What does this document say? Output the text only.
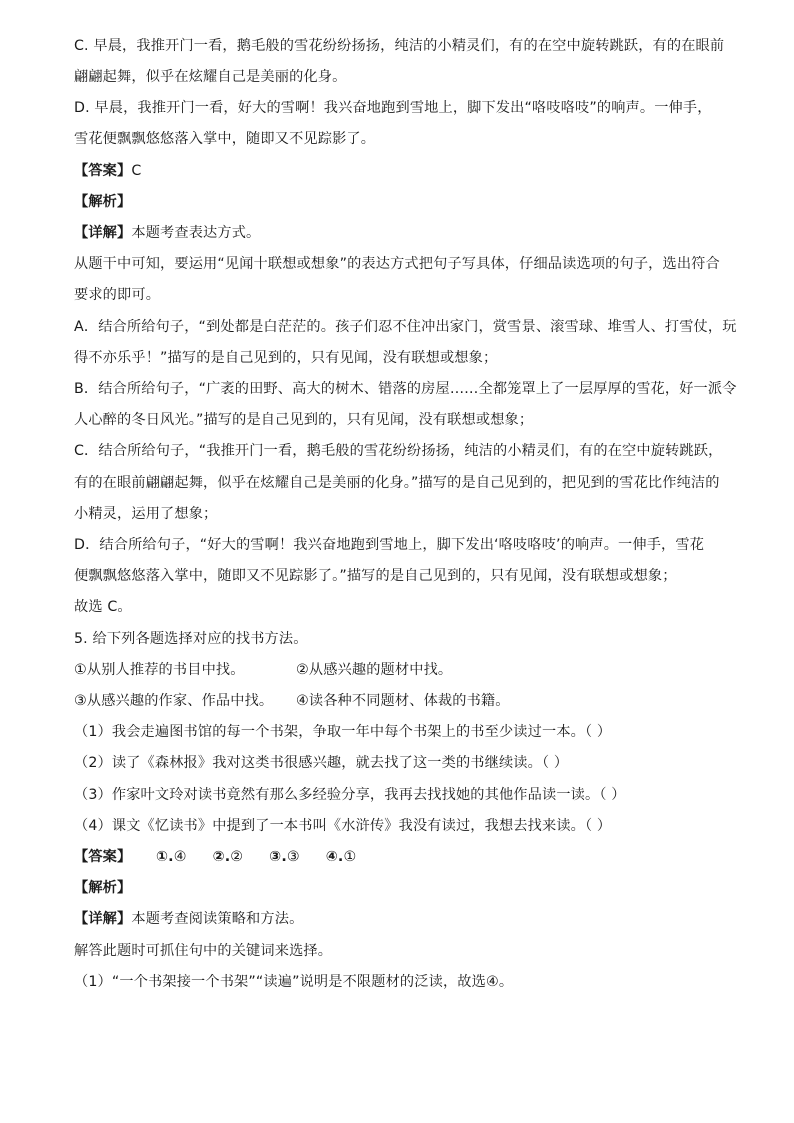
C. 早晨，我推开门一看，鹅毛般的雪花纷纷扬扬，纯洁的小精灵们，有的在空中旋转跳跃，有的在眼前
翩翩起舞，似乎在炫耀自己是美丽的化身。
D. 早晨，我推开门一看，好大的雪啊！我兴奋地跑到雪地上，脚下发出“咯吱咯吱”的响声。一伸手，
雪花便飘飘悠悠落入掌中，随即又不见踪影了。
【答案】C
【解析】
【详解】本题考查表达方式。
从题干中可知，要运用“见闻十联想或想象”的表达方式把句子写具体，仔细品读选项的句子，选出符合
要求的即可。
A．结合所给句子，“到处都是白茫茫的。孩子们忍不住冲出家门，赏雪景、滚雪球、堆雪人、打雪仗，玩
得不亦乐乎！”描写的是自己见到的，只有见闻，没有联想或想象；
B．结合所给句子，“广袤的田野、高大的树木、错落的房屋……全都笼罩上了一层厚厚的雪花，好一派令
人心醉的冬日风光。”描写的是自己见到的，只有见闻，没有联想或想象；
C．结合所给句子，“我推开门一看，鹅毛般的雪花纷纷扬扬，纯洁的小精灵们，有的在空中旋转跳跃，
有的在眼前翩翩起舞，似乎在炫耀自己是美丽的化身。”描写的是自己见到的，把见到的雪花比作纯洁的
小精灵，运用了想象；
D．结合所给句子，“好大的雪啊！我兴奋地跑到雪地上，脚下发出‘咯吱咯吱’的响声。一伸手，雪花
便飘飘悠悠落入掌中，随即又不见踪影了。”描写的是自己见到的，只有见闻，没有联想或想象；
故选 C。
5. 给下列各题选择对应的找书方法。
①从别人推荐的书目中找。	②从感兴趣的题材中找。
③从感兴趣的作家、作品中找。 ④读各种不同题材、体裁的书籍。
（1）我会走遍图书馆的每一个书架，争取一年中每个书架上的书至少读过一本。（ ）
（2）读了《森林报》我对这类书很感兴趣，就去找了这一类的书继续读。（ ）
（3）作家叶文玲对读书竟然有那么多经验分享，我再去找找她的其他作品读一读。（ ）
（4）课文《忆读书》中提到了一本书叫《水浒传》我没有读过，我想去找来读。（ ）
【答案】 ①.④ ②.② ③.③ ④.①
【解析】
【详解】本题考查阅读策略和方法。
解答此题时可抓住句中的关键词来选择。
（1）“一个书架接一个书架”“读遍”说明是不限题材的泛读，故选④。
